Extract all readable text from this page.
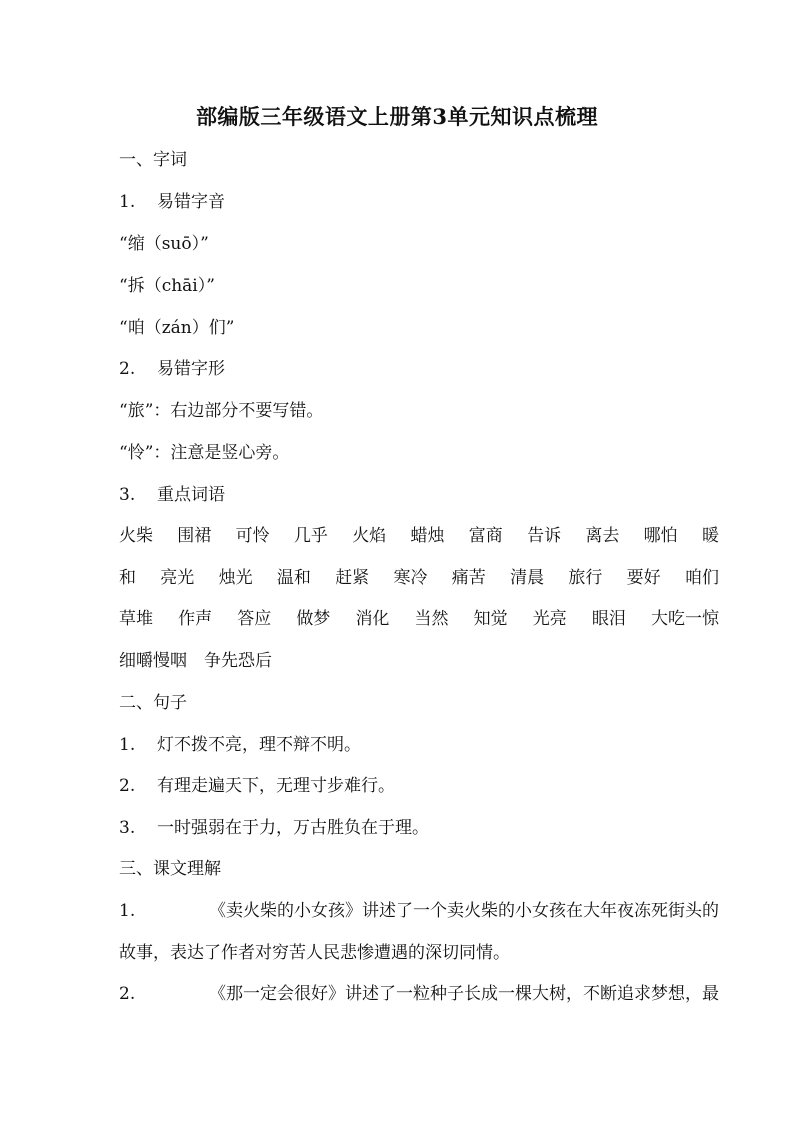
部编版三年级语文上册第3单元知识点梳理
一、字词
1. 易错字音
“缩（suō）”
“拆（chāi）”
“咱（zán）们”
2. 易错字形
“旅”：右边部分不要写错。
“怜”：注意是竖心旁。
3. 重点词语
火柴 围裙 可怜 几乎 火焰 蜡烛 富商 告诉 离去 哪怕 暖
和 亮光 烛光 温和 赶紧 寒冷 痛苦 清晨 旅行 要好 咱们
草堆 作声 答应 做梦 消化 当然 知觉 光亮 眼泪 大吃一惊
细嚼慢咽 争先恐后
二、句子
1. 灯不拨不亮，理不辩不明。
2. 有理走遍天下，无理寸步难行。
3. 一时强弱在于力，万古胜负在于理。
三、课文理解
1.	《卖火柴的小女孩》讲述了一个卖火柴的小女孩在大年夜冻死街头的
故事，表达了作者对穷苦人民悲惨遭遇的深切同情。
2.	《那一定会很好》讲述了一粒种子长成一棵大树，不断追求梦想，最
